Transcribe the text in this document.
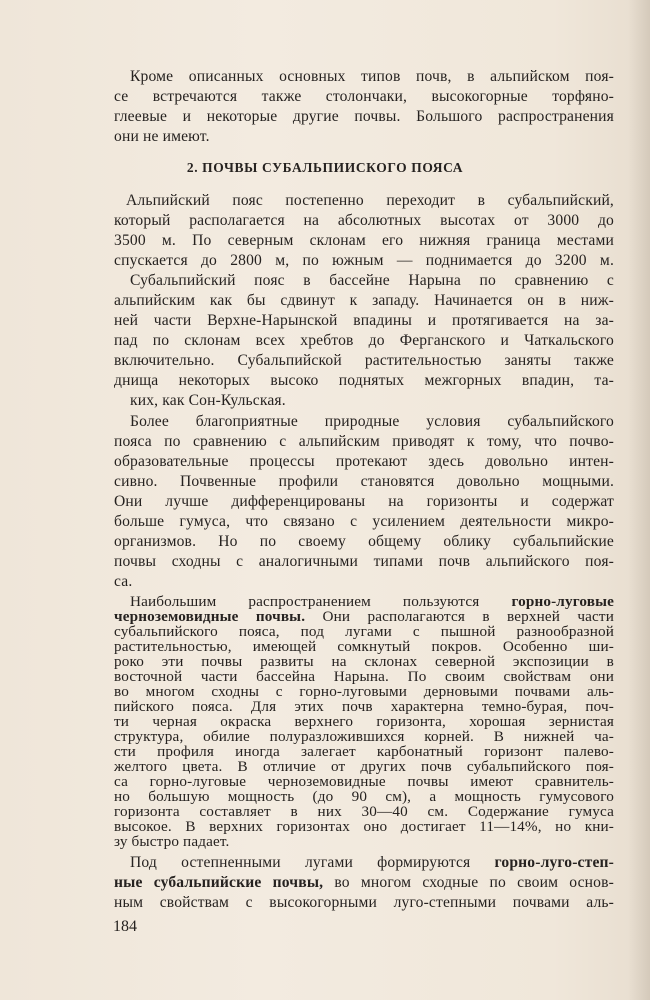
Кроме описанных основных типов почв, в альпийском поя-

се встречаются также столончаки, высокогорные торфяно-

глеевые и некоторые другие почвы. Большого распространения

они не имеют.

2. ПОЧВЫ СУБАЛЬПИИСКОГО ПОЯСА

Альпийский пояс постепенно переходит в субальпийский,

который располагается на абсолютных высотах от 3000 до

3500 м. По северным склонам его нижняя граница местами

спускается до 2800 м, по южным — поднимается до 3200 м.

Субальпийский пояс в бассейне Нарына по сравнению с

альпийским как бы сдвинут к западу. Начинается он в ниж-

ней части Верхне-Нарынской впадины и протягивается на за-

пад по склонам всех хребтов до Ферганского и Чаткальского

включительно. Субальпийской растительностью заняты также

днища некоторых высоко поднятых межгорных впадин, та-

ких, как Сон-Кульская.

Более благоприятные природные условия субальпийского

пояса по сравнению с альпийским приводят к тому, что почво-

образовательные процессы протекают здесь довольно интен-

сивно. Почвенные профили становятся довольно мощными.

Они лучше дифференцированы на горизонты и содержат

больше гумуса, что связано с усилением деятельности микро-

организмов. Но по своему общему облику субальпийские

почвы сходны с аналогичными типами почв альпийского поя-

са.

Наибольшим распространением пользуются горно-луговые

черноземовидные почвы. Они располагаются в верхней части

субальпийского пояса, под лугами с пышной разнообразной

растительностью, имеющей сомкнутый покров. Особенно ши-

роко эти почвы развиты на склонах северной экспозиции в

восточной части бассейна Нарына. По своим свойствам они

во многом сходны с горно-луговыми дерновыми почвами аль-

пийского пояса. Для этих почв характерна темно-бурая, поч-

ти черная окраска верхнего горизонта, хорошая зернистая

структура, обилие полуразложившихся корней. В нижней ча-

сти профиля иногда залегает карбонатный горизонт палево-

желтого цвета. В отличие от других почв субальпийского поя-

са горно-луговые черноземовидные почвы имеют сравнитель-

но большую мощность (до 90 см), а мощность гумусового

горизонта составляет в них 30—40 см. Содержание гумуса

высокое. В верхних горизонтах оно достигает 11—14%, но кни-

зу быстро падает.

Под остепненными лугами формируются горно-луго-степ-

ные субальпийские почвы, во многом сходные по своим основ-

ным свойствам с высокогорными луго-степными почвами аль-

184
